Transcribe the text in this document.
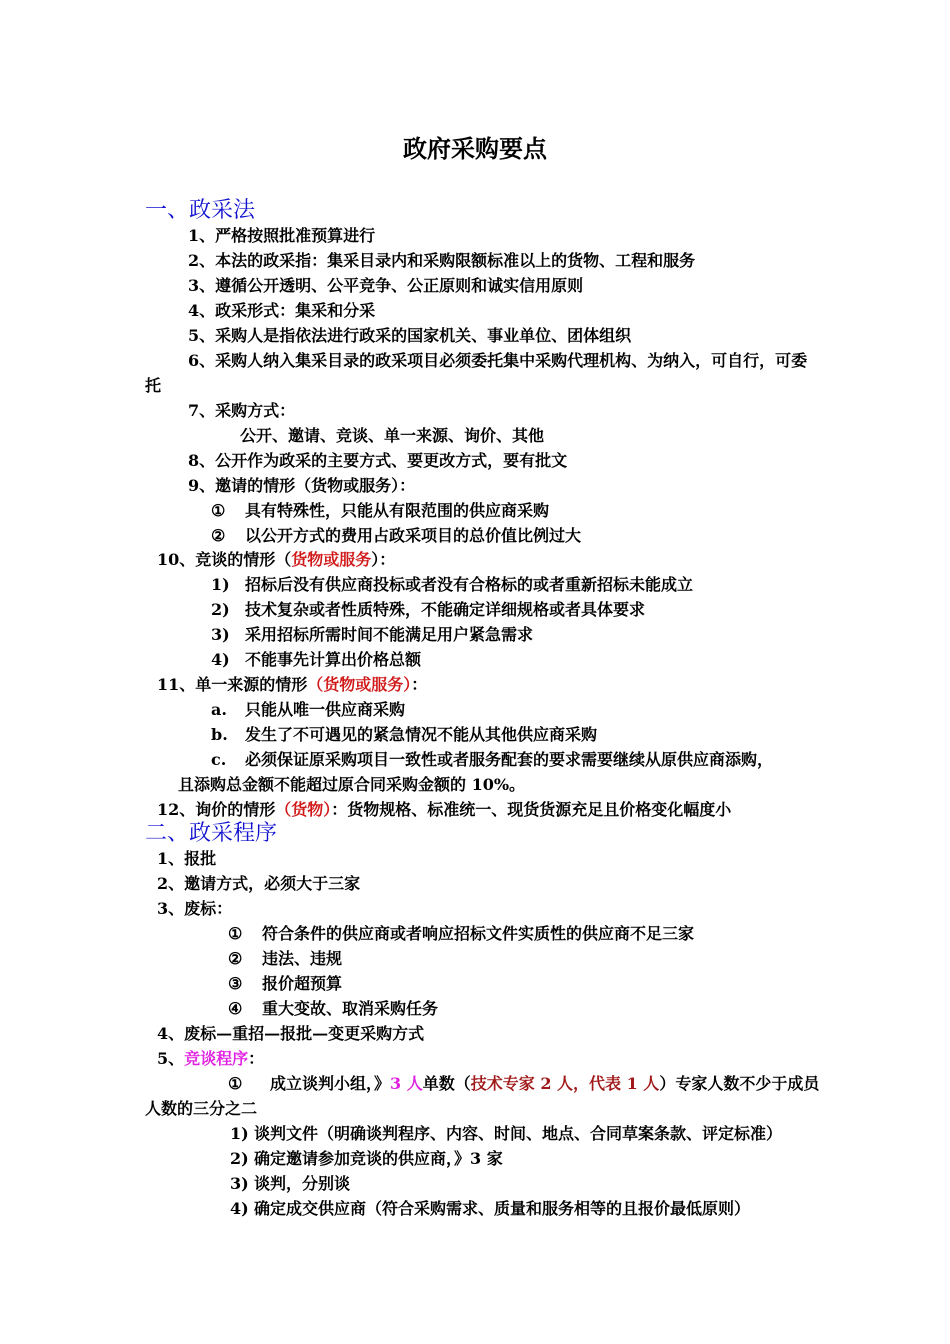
政府采购要点
一、政采法
1、严格按照批准预算进行
2、本法的政采指：集采目录内和采购限额标准以上的货物、工程和服务
3、遵循公开透明、公平竞争、公正原则和诚实信用原则
4、政采形式：集采和分采
5、采购人是指依法进行政采的国家机关、事业单位、团体组织
6、采购人纳入集采目录的政采项目必须委托集中采购代理机构、为纳入，可自行，可委
托
7、采购方式：
公开、邀请、竞谈、单一来源、询价、其他
8、公开作为政采的主要方式、要更改方式，要有批文
9、邀请的情形（货物或服务）：
① 具有特殊性，只能从有限范围的供应商采购
② 以公开方式的费用占政采项目的总价值比例过大
10、竞谈的情形（货物或服务）：
1) 招标后没有供应商投标或者没有合格标的或者重新招标未能成立
2) 技术复杂或者性质特殊，不能确定详细规格或者具体要求
3) 采用招标所需时间不能满足用户紧急需求
4) 不能事先计算出价格总额
11、单一来源的情形（货物或服务）：
a. 只能从唯一供应商采购
b. 发生了不可遇见的紧急情况不能从其他供应商采购
c. 必须保证原采购项目一致性或者服务配套的要求需要继续从原供应商添购，
且添购总金额不能超过原合同采购金额的 10%。
12、询价的情形（货物）：货物规格、标准统一、现货货源充足且价格变化幅度小
二、政采程序
1、报批
2、邀请方式，必须大于三家
3、废标：
① 符合条件的供应商或者响应招标文件实质性的供应商不足三家
② 违法、违规
③ 报价超预算
④ 重大变故、取消采购任务
4、废标—重招—报批—变更采购方式
5、竞谈程序：
① 成立谈判小组，》3 人单数（技术专家 2 人，代表 1 人）专家人数不少于成员
人数的三分之二
1) 谈判文件（明确谈判程序、内容、时间、地点、合同草案条款、评定标准）
2) 确定邀请参加竞谈的供应商，》3 家
3) 谈判，分别谈
4) 确定成交供应商（符合采购需求、质量和服务相等的且报价最低原则）
